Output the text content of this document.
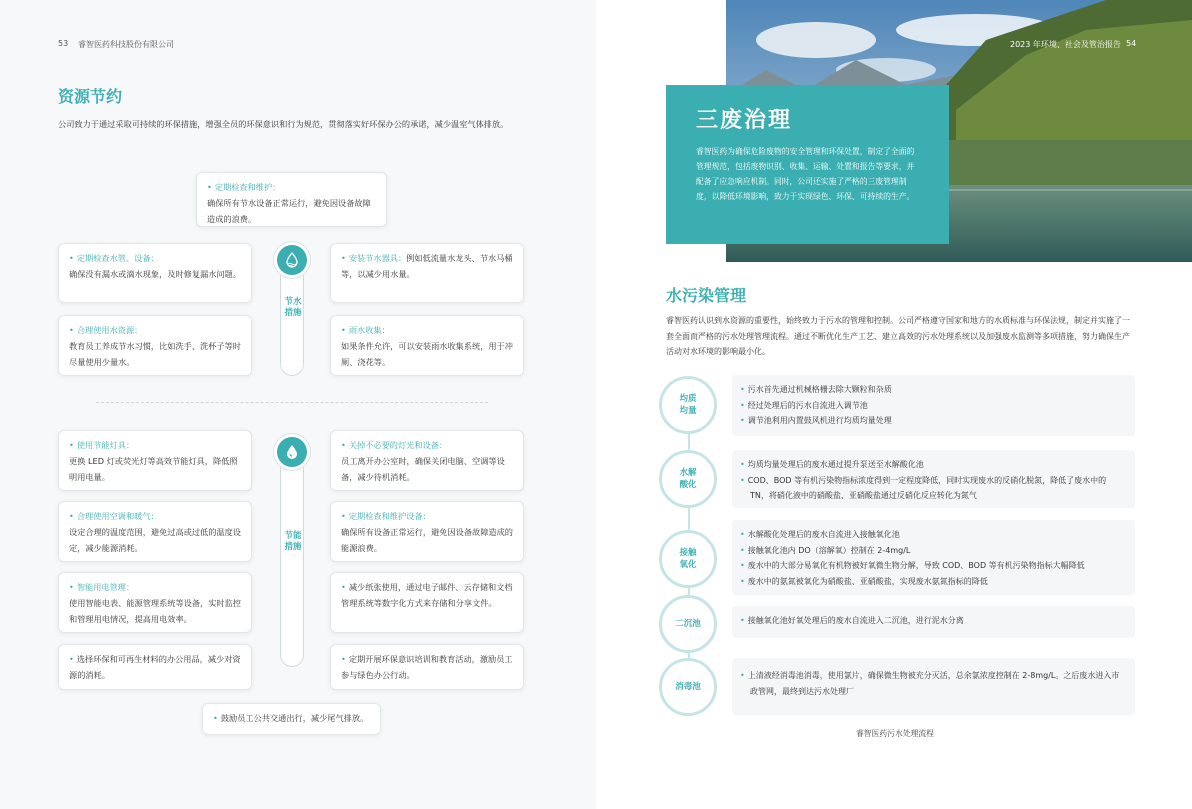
53 睿智医药科技股份有限公司
资源节约
公司致力于通过采取可持续的环保措施，增强全员的环保意识和行为规范，贯彻落实好环保办公的承诺，减少温室气体排放。
• 定期检查和维护：
确保所有节水设备正常运行，避免因设备故障造成的浪费。
节水措施
• 定期检查水管、设备：
确保没有漏水或滴水现象，及时修复漏水问题。
• 安装节水器具：例如低流量水龙头、节水马桶等，以减少用水量。
• 合理使用水资源：
教育员工养成节水习惯，比如洗手、洗杯子等时尽量使用少量水。
• 雨水收集：
如果条件允许，可以安装雨水收集系统，用于冲厕、浇花等。
节能措施
• 使用节能灯具：
更换 LED 灯或荧光灯等高效节能灯具，降低照明用电量。
• 关掉不必要的灯光和设备：
员工离开办公室时，确保关闭电脑、空调等设备，减少待机消耗。
• 合理使用空调和暖气：
设定合理的温度范围，避免过高或过低的温度设定，减少能源消耗。
• 定期检查和维护设备：
确保所有设备正常运行，避免因设备故障造成的能源浪费。
• 智能用电管理：
使用智能电表、能源管理系统等设备，实时监控和管理用电情况，提高用电效率。
• 减少纸张使用，通过电子邮件、云存储和文档管理系统等数字化方式来存储和分享文件。
• 选择环保和可再生材料的办公用品，减少对资源的消耗。
• 定期开展环保意识培训和教育活动，激励员工参与绿色办公行动。
• 鼓励员工公共交通出行，减少尾气排放。
2023 年环境、社会及管治报告 54
三废治理

睿智医药为确保危险废物的安全管理和环保处置，制定了全面的管理规范，包括废物识别、收集、运输、处置和报告等要求，并配备了应急响应机制。同时，公司还实施了严格的三废管理制度，以降低环境影响，致力于实现绿色、环保、可持续的生产。

水污染管理
睿智医药认识到水资源的重要性，始终致力于污水的管理和控制。公司严格遵守国家和地方的水质标准与环保法规，制定并实施了一套全面而严格的污水处理管理流程。通过不断优化生产工艺、建立高效的污水处理系统以及加强废水监测等多项措施，努力确保生产活动对水环境的影响最小化。
均质均量
• 污水首先通过机械格栅去除大颗粒和杂质
• 经过处理后的污水自流进入调节池
• 调节池利用内置鼓风机进行均质均量处理
水解酸化
• 均质均量处理后的废水通过提升泵送至水解酸化池
• COD、BOD 等有机污染物指标浓度得到一定程度降低，同时实现废水的反硝化脱氮，降低了废水中的 TN，将硝化液中的硝酸盐、亚硝酸盐通过反硝化反应转化为氮气
接触氧化
• 水解酸化处理后的废水自流进入接触氧化池
• 接触氧化池内 DO（溶解氧）控制在 2-4mg/L
• 废水中的大部分易氧化有机物被好氧微生物分解，导致 COD、BOD 等有机污染物指标大幅降低
• 废水中的氨氮被氧化为硝酸盐、亚硝酸盐，实现废水氨氮指标的降低
二沉池	• 接触氧化池好氧处理后的废水自流进入二沉池，进行泥水分离
消毒池
• 上清液经消毒池消毒，使用氯片，确保微生物被充分灭活，总余氯浓度控制在 2-8mg/L。之后废水进入市政管网，最终到达污水处理厂
睿智医药污水处理流程
